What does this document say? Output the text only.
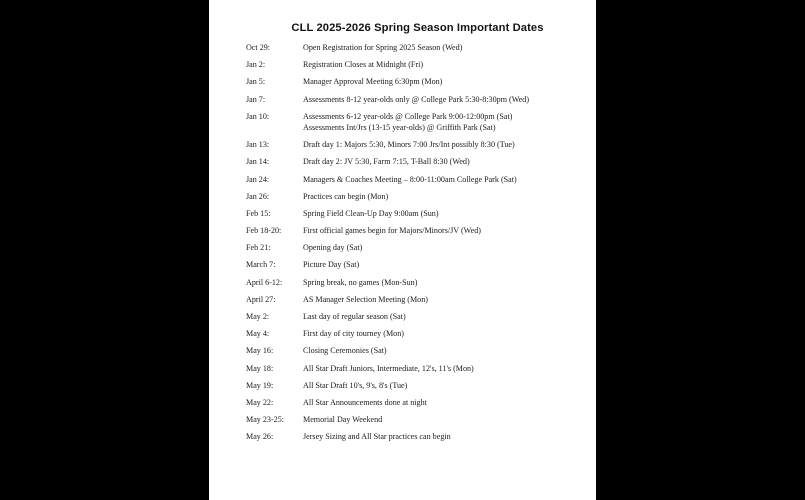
CLL 2025-2026 Spring Season Important Dates
Oct 29:	Open Registration for Spring 2025 Season (Wed)
Jan 2:	Registration Closes at Midnight (Fri)
Jan 5:	Manager Approval Meeting 6:30pm (Mon)
Jan 7:	Assessments 8-12 year-olds only @ College Park 5:30-8:30pm (Wed)
Jan 10:	Assessments 6-12 year-olds @ College Park 9:00-12:00pm (Sat)
Assessments Int/Jrs (13-15 year-olds) @ Griffith Park (Sat)
Jan 13:	Draft day 1: Majors 5:30, Minors 7:00 Jrs/Int possibly 8:30 (Tue)
Jan 14:	Draft day 2: JV 5:30, Farm 7:15, T-Ball 8:30 (Wed)
Jan 24:	Managers & Coaches Meeting – 8:00-11:00am College Park (Sat)
Jan 26:	Practices can begin (Mon)
Feb 15:	Spring Field Clean-Up Day 9:00am (Sun)
Feb 18-20:	First official games begin for Majors/Minors/JV (Wed)
Feb 21:	Opening day (Sat)
March 7:	Picture Day (Sat)
April 6-12:	Spring break, no games (Mon-Sun)
April 27:	AS Manager Selection Meeting (Mon)
May 2:	Last day of regular season (Sat)
May 4:	First day of city tourney (Mon)
May 16:	Closing Ceremonies (Sat)
May 18:	All Star Draft Juniors, Intermediate, 12's, 11's (Mon)
May 19:	All Star Draft 10's, 9's, 8's (Tue)
May 22:	All Star Announcements done at night
May 23-25:	Memorial Day Weekend
May 26:	Jersey Sizing and All Star practices can begin
